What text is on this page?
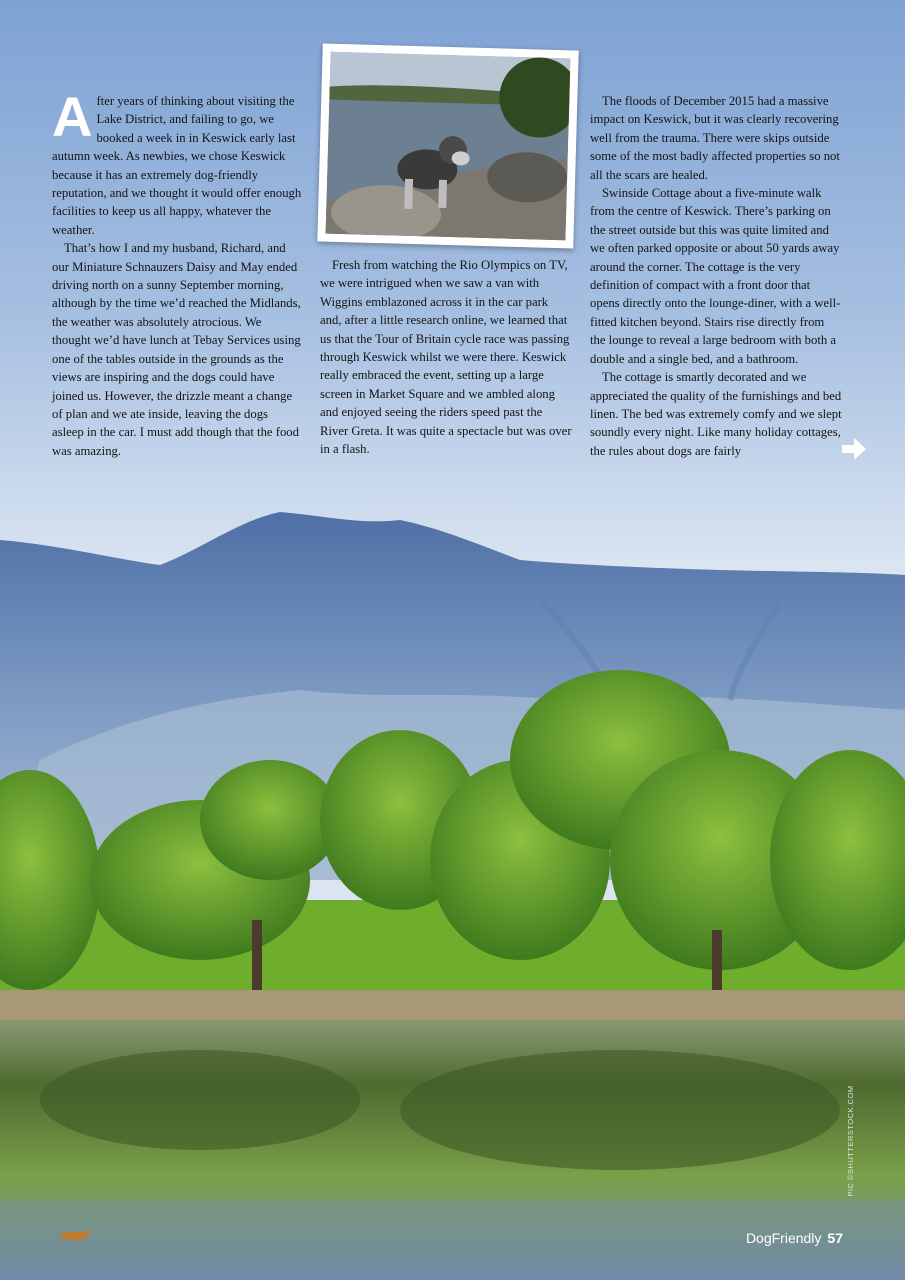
After years of thinking about visiting the Lake District, and failing to go, we booked a week in in Keswick early last autumn week. As newbies, we chose Keswick because it has an extremely dog-friendly reputation, and we thought it would offer enough facilities to keep us all happy, whatever the weather.

That’s how I and my husband, Richard, and our Miniature Schnauzers Daisy and May ended driving north on a sunny September morning, although by the time we’d reached the Midlands, the weather was absolutely atrocious. We thought we’d have lunch at Tebay Services using one of the tables outside in the grounds as the views are inspiring and the dogs could have joined us. However, the drizzle meant a change of plan and we ate inside, leaving the dogs asleep in the car. I must add though that the food was amazing.

Fresh from watching the Rio Olympics on TV, we were intrigued when we saw a van with Wiggins emblazoned across it in the car park and, after a little research online, we learned that us that the Tour of Britain cycle race was passing through Keswick whilst we were there. Keswick really embraced the event, setting up a large screen in Market Square and we ambled along and enjoyed seeing the riders speed past the River Greta. It was quite a spectacle but was over in a flash.

The floods of December 2015 had a massive impact on Keswick, but it was clearly recovering well from the trauma. There were skips outside some of the most badly affected properties so not all the scars are healed.

Swinside Cottage about a five-minute walk from the centre of Keswick. There’s parking on the street outside but this was quite limited and we often parked opposite or about 50 yards away around the corner. The cottage is the very definition of compact with a front door that opens directly onto the lounge-diner, with a well-fitted kitchen beyond. Stairs rise directly from the lounge to reveal a large bedroom with both a double and a single bed, and a bathroom.

The cottage is smartly decorated and we appreciated the quality of the furnishings and bed linen. The bed was extremely comfy and we slept soundly every night. Like many holiday cottages, the rules about dogs are fairly

PIC ©SHUTTERSTOCK.COM
DogFriendly 57
